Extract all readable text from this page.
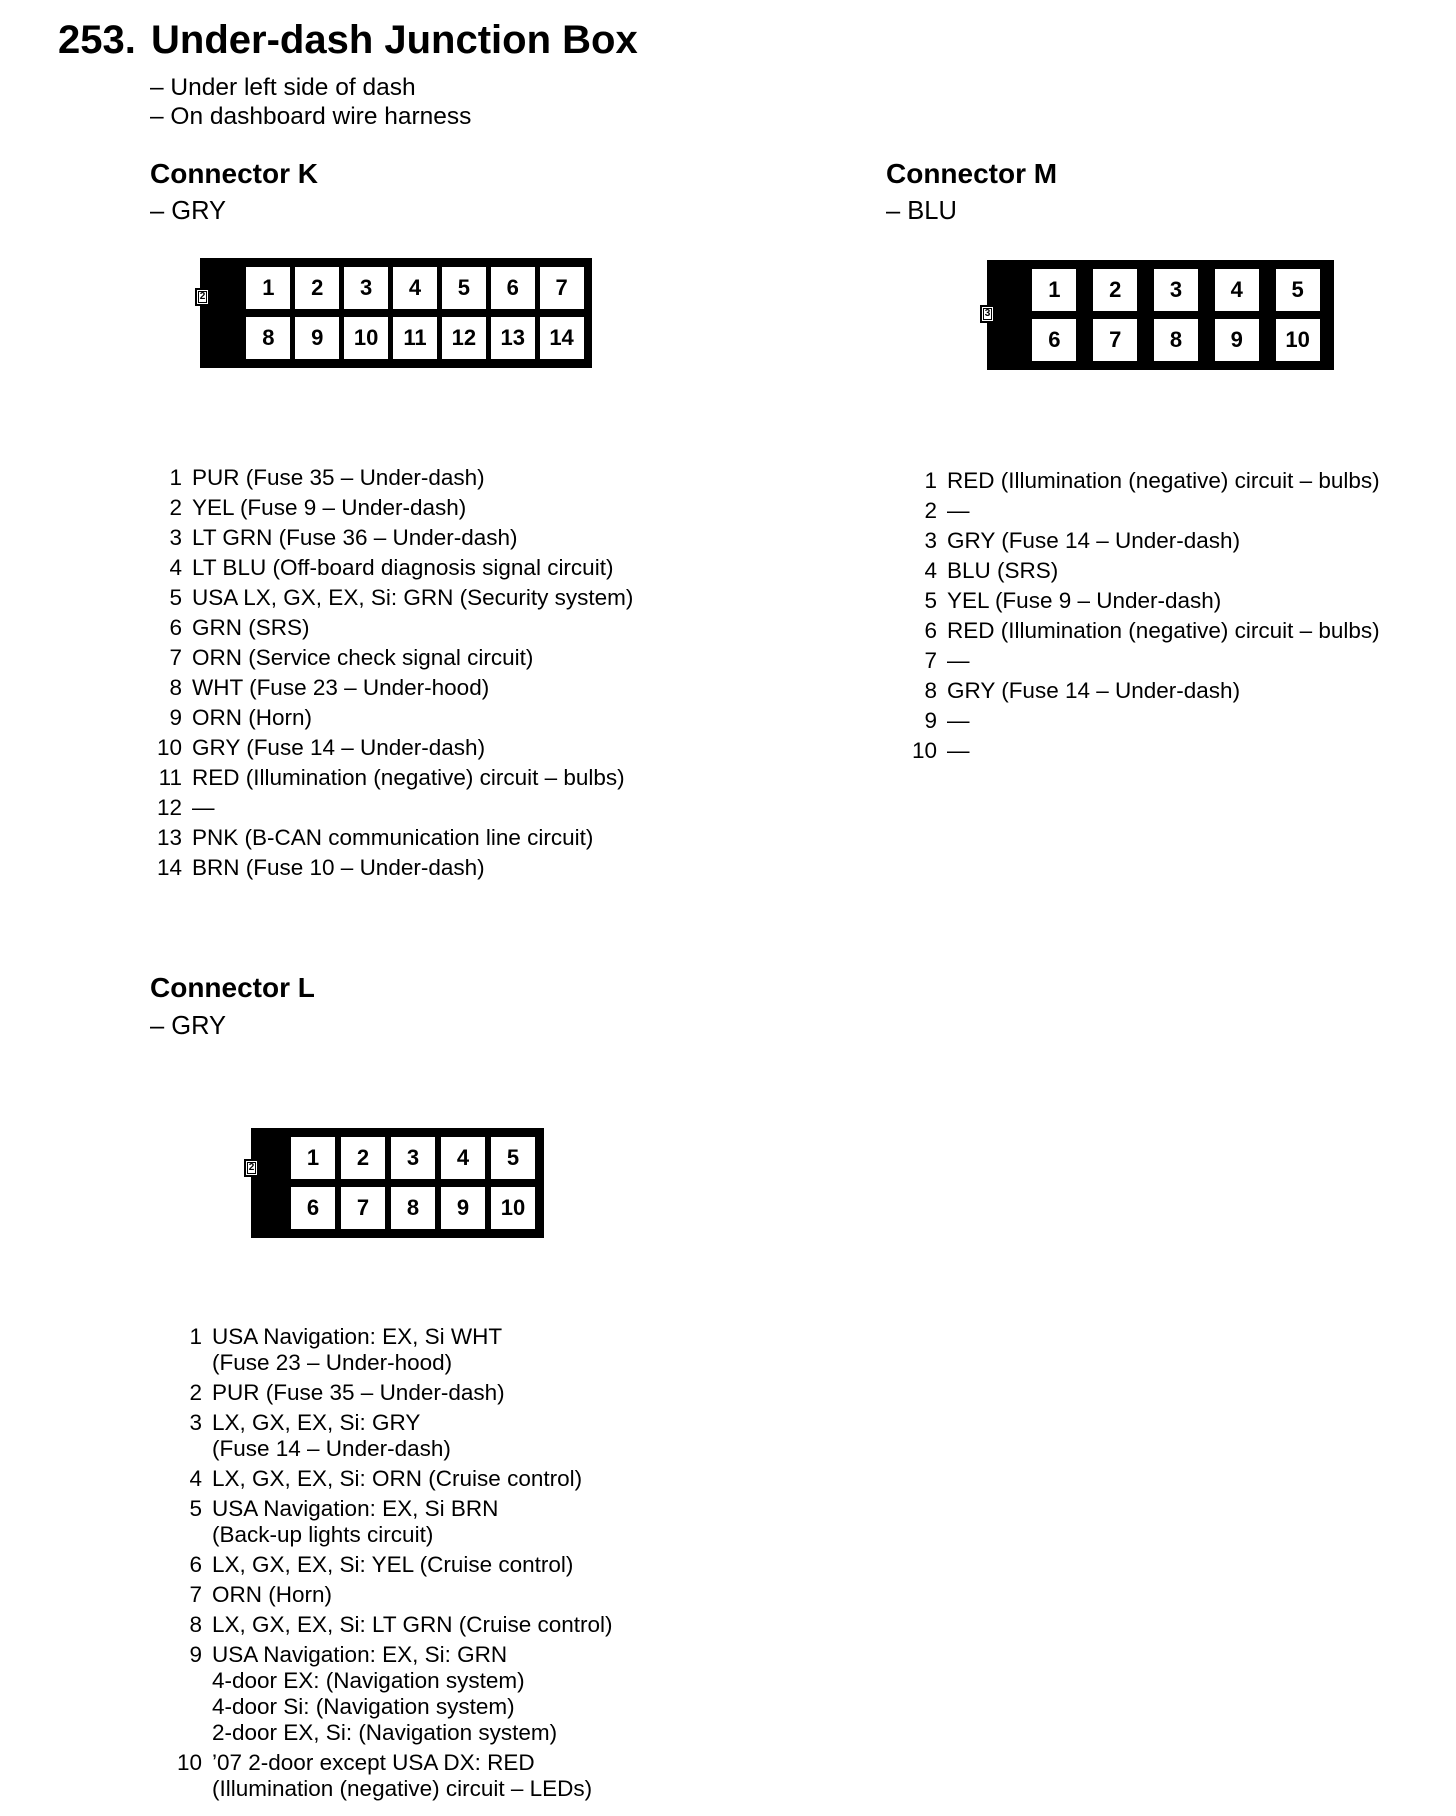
253. Under-dash Junction Box
– Under left side of dash
– On dashboard wire harness
Connector K
– GRY
1	2	3	4	5	6	7
8	9	10	11	12	13	14
2
1 PUR (Fuse 35 – Under-dash)
2 YEL (Fuse 9 – Under-dash)
3 LT GRN (Fuse 36 – Under-dash)
4 LT BLU (Off-board diagnosis signal circuit)
5 USA LX, GX, EX, Si: GRN (Security system)
6 GRN (SRS)
7 ORN (Service check signal circuit)
8 WHT (Fuse 23 – Under-hood)
9 ORN (Horn)
10 GRY (Fuse 14 – Under-dash)
11 RED (Illumination (negative) circuit – bulbs)
12 —
13 PNK (B-CAN communication line circuit)
14 BRN (Fuse 10 – Under-dash)
Connector M
– BLU
1	2	3	4	5
6	7	8	9	10
3
1 RED (Illumination (negative) circuit – bulbs)
2 —
3 GRY (Fuse 14 – Under-dash)
4 BLU (SRS)
5 YEL (Fuse 9 – Under-dash)
6 RED (Illumination (negative) circuit – bulbs)
7 —
8 GRY (Fuse 14 – Under-dash)
9 —
10 —
Connector L
– GRY
1	2	3	4	5
6	7	8	9	10
2
1 USA Navigation: EX, Si WHT
(Fuse 23 – Under-hood)
2 PUR (Fuse 35 – Under-dash)
3 LX, GX, EX, Si: GRY
(Fuse 14 – Under-dash)
4 LX, GX, EX, Si: ORN (Cruise control)
5 USA Navigation: EX, Si BRN
(Back-up lights circuit)
6 LX, GX, EX, Si: YEL (Cruise control)
7 ORN (Horn)
8 LX, GX, EX, Si: LT GRN (Cruise control)
9 USA Navigation: EX, Si: GRN
4-door EX: (Navigation system)
4-door Si: (Navigation system)
2-door EX, Si: (Navigation system)
10 ’07 2-door except USA DX: RED
(Illumination (negative) circuit – LEDs)
